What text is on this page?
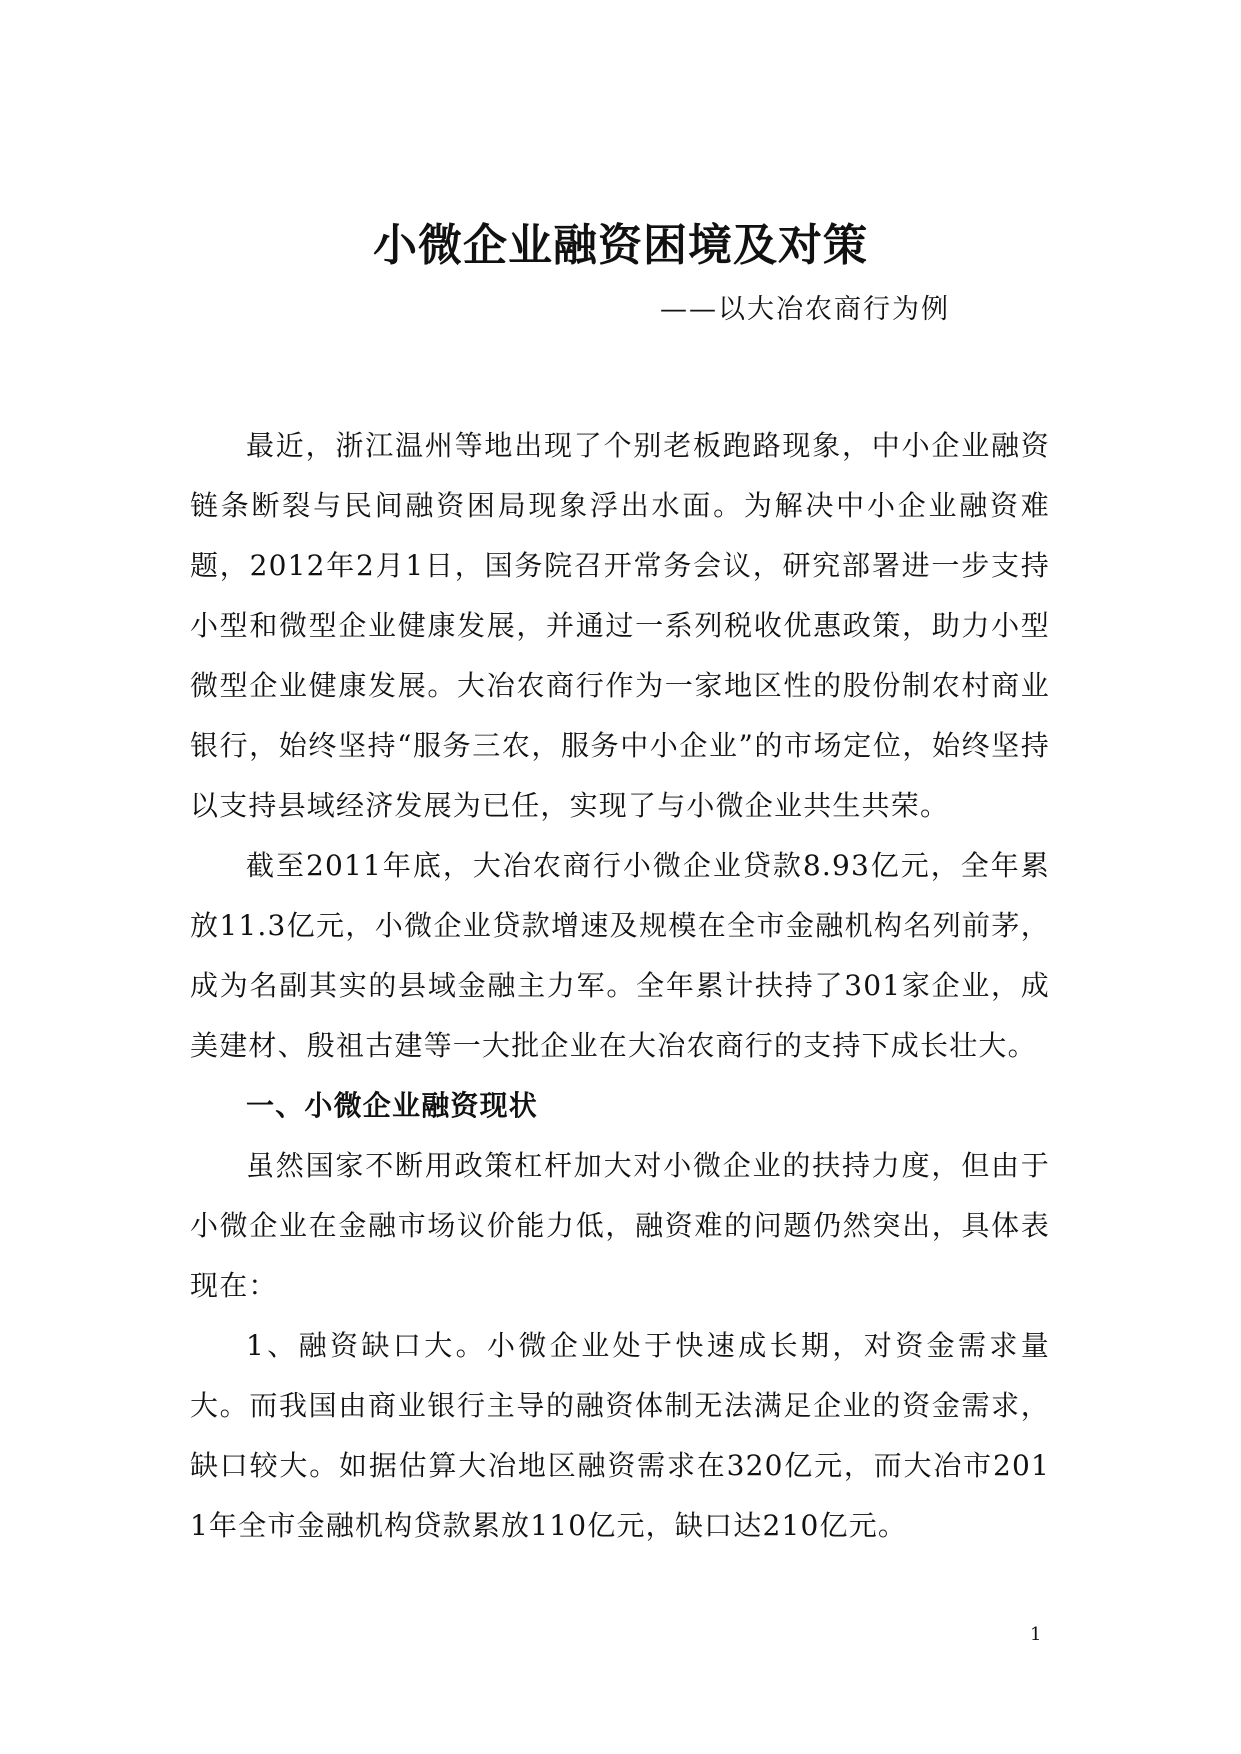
小微企业融资困境及对策
——以大冶农商行为例

最近，浙江温州等地出现了个别老板跑路现象，中小企业融资链条断裂与民间融资困局现象浮出水面。为解决中小企业融资难题，2012年2月1日，国务院召开常务会议，研究部署进一步支持小型和微型企业健康发展，并通过一系列税收优惠政策，助力小型微型企业健康发展。大冶农商行作为一家地区性的股份制农村商业银行，始终坚持“服务三农，服务中小企业”的市场定位，始终坚持以支持县域经济发展为已任，实现了与小微企业共生共荣。

截至2011年底，大冶农商行小微企业贷款8.93亿元，全年累放11.3亿元，小微企业贷款增速及规模在全市金融机构名列前茅，成为名副其实的县域金融主力军。全年累计扶持了301家企业，成美建材、殷祖古建等一大批企业在大冶农商行的支持下成长壮大。

一、小微企业融资现状

虽然国家不断用政策杠杆加大对小微企业的扶持力度，但由于小微企业在金融市场议价能力低，融资难的问题仍然突出，具体表现在：

1、融资缺口大。小微企业处于快速成长期，对资金需求量大。而我国由商业银行主导的融资体制无法满足企业的资金需求，缺口较大。如据估算大冶地区融资需求在320亿元，而大冶市2011年全市金融机构贷款累放110亿元，缺口达210亿元。

1
